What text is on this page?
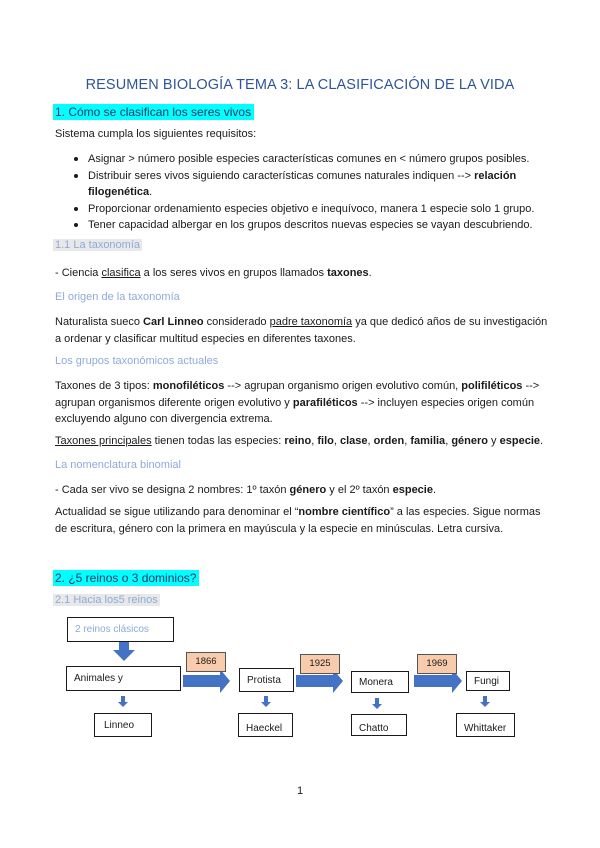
RESUMEN BIOLOGÍA TEMA 3: LA CLASIFICACIÓN DE LA VIDA
1. Cómo se clasifican los seres vivos
Sistema cumpla los siguientes requisitos:
Asignar > número posible especies características comunes en < número grupos posibles.
Distribuir seres vivos siguiendo características comunes naturales indiquen --> relación filogenética.
Proporcionar ordenamiento especies objetivo e inequívoco, manera 1 especie solo 1 grupo.
Tener capacidad albergar en los grupos descritos nuevas especies se vayan descubriendo.
1.1 La taxonomía
- Ciencia clasifica a los seres vivos en grupos llamados taxones.
El origen de la taxonomía
Naturalista sueco Carl Linneo considerado padre taxonomía ya que dedicó años de su investigación a ordenar y clasificar multitud especies en diferentes taxones.
Los grupos taxonómicos actuales
Taxones de 3 tipos: monofiléticos --> agrupan organismo origen evolutivo común, polifiléticos --> agrupan organismos diferente origen evolutivo y parafiléticos --> incluyen especies origen común excluyendo alguno con divergencia extrema.
Taxones principales tienen todas las especies: reino, filo, clase, orden, familia, género y especie.
La nomenclatura binomial
- Cada ser vivo se designa 2 nombres: 1º taxón género y el 2º taxón especie.
Actualidad se sigue utilizando para denominar el “nombre científico” a las especies. Sigue normas de escritura, género con la primera en mayúscula y la especie en minúsculas. Letra cursiva.
2. ¿5 reinos o 3 dominios?
2.1 Hacia los5 reinos
2 reinos clásicos
Animales y	Protista	Monera	Fungi
1866	1925	1969
Linneo	Haeckel	Chatto	Whittaker
1
